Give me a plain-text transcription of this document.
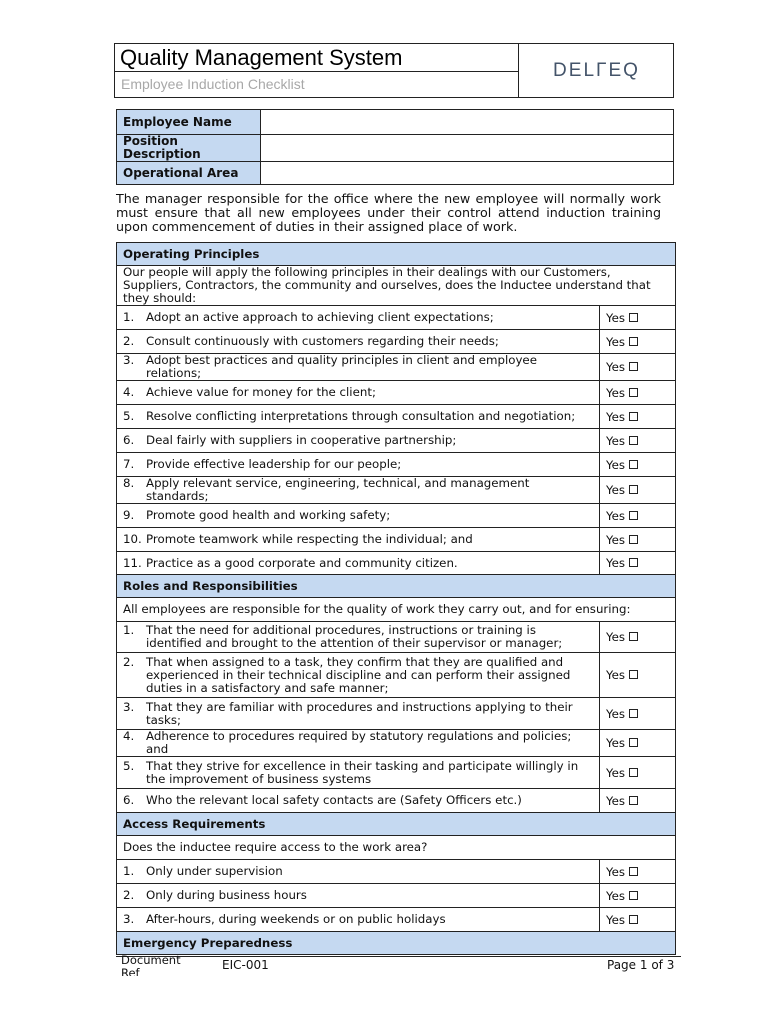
Quality Management System
Employee Induction Checklist
DELΓEQ
Employee Name	
Position Description	
Operational Area	
The manager responsible for the office where the new employee will normally work must ensure that all new employees under their control attend induction training upon commencement of duties in their assigned place of work.
Operating Principles	
Our people will apply the following principles in their dealings with our Customers, Suppliers, Contractors, the community and ourselves, does the Inductee understand that they should:	
1. Adopt an active approach to achieving client expectations;	Yes
2. Consult continuously with customers regarding their needs;	Yes
3. Adopt best practices and quality principles in client and employee relations;	Yes
4. Achieve value for money for the client;	Yes
5. Resolve conflicting interpretations through consultation and negotiation;	Yes
6. Deal fairly with suppliers in cooperative partnership;	Yes
7. Provide effective leadership for our people;	Yes
8. Apply relevant service, engineering, technical, and management standards;	Yes
9. Promote good health and working safety;	Yes
10. Promote teamwork while respecting the individual; and	Yes
11. Practice as a good corporate and community citizen.	Yes
Roles and Responsibilities	
All employees are responsible for the quality of work they carry out, and for ensuring:	
1. That the need for additional procedures, instructions or training is identified and brought to the attention of their supervisor or manager;	Yes
2. That when assigned to a task, they confirm that they are qualified and experienced in their technical discipline and can perform their assigned duties in a satisfactory and safe manner;	Yes
3. That they are familiar with procedures and instructions applying to their tasks;	Yes
4. Adherence to procedures required by statutory regulations and policies; and	Yes
5. That they strive for excellence in their tasking and participate willingly in the improvement of business systems	Yes
6. Who the relevant local safety contacts are (Safety Officers etc.)	Yes
Access Requirements	
Does the inductee require access to the work area?	
1. Only under supervision	Yes
2. Only during business hours	Yes
3. After-hours, during weekends or on public holidays	Yes
Emergency Preparedness	
Document Ref
EIC-001	Page 1 of 3
